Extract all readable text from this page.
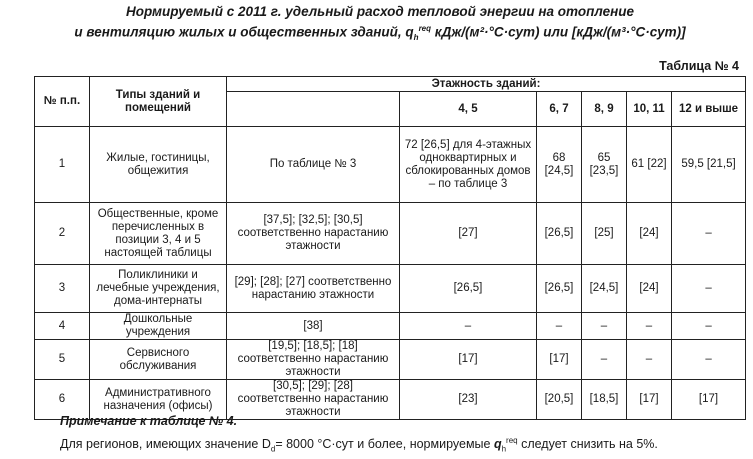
Нормируемый с 2011 г. удельный расход тепловой энергии на отопление
и вентиляцию жилых и общественных зданий, $q_h^{req}$ кДж/(м²·°С·сут) или [кДж/(м³·°С·сут)]
Таблица № 4
№ п.п.	Типы зданий и помещений	Этажность зданий:					
			4, 5	6, 7	8, 9	10, 11	12 и выше
1	Жилые, гостиницы, общежития	По таблице № 3	72 [26,5] для 4-этажных одноквартирных и сблокированных домов – по таблице 3	68 [24,5]	65 [23,5]	61 [22]	59,5 [21,5]
2	Общественные, кроме перечисленных в позиции 3, 4 и 5 настоящей таблицы	[37,5]; [32,5]; [30,5] соответственно нарастанию этажности	[27]	[26,5]	[25]	[24]	–
3	Поликлиники и лечебные учреждения, дома-интернаты	[29]; [28]; [27] соответственно нарастанию этажности	[26,5]	[26,5]	[24,5]	[24]	–
4	Дошкольные учреждения	[38]	–	–	–	–	–
5	Сервисного обслуживания	[19,5]; [18,5]; [18] соответственно нарастанию этажности	[17]	[17]	–	–	–
6	Административного назначения (офисы)	[30,5]; [29]; [28] соответственно нарастанию этажности	[23]	[20,5]	[18,5]	[17]	[17]
Примечание к таблице № 4.
Для регионов, имеющих значение $D_d= 8000$ °С·сут и более, нормируемые $q_h^{req}$ следует снизить на 5%.
